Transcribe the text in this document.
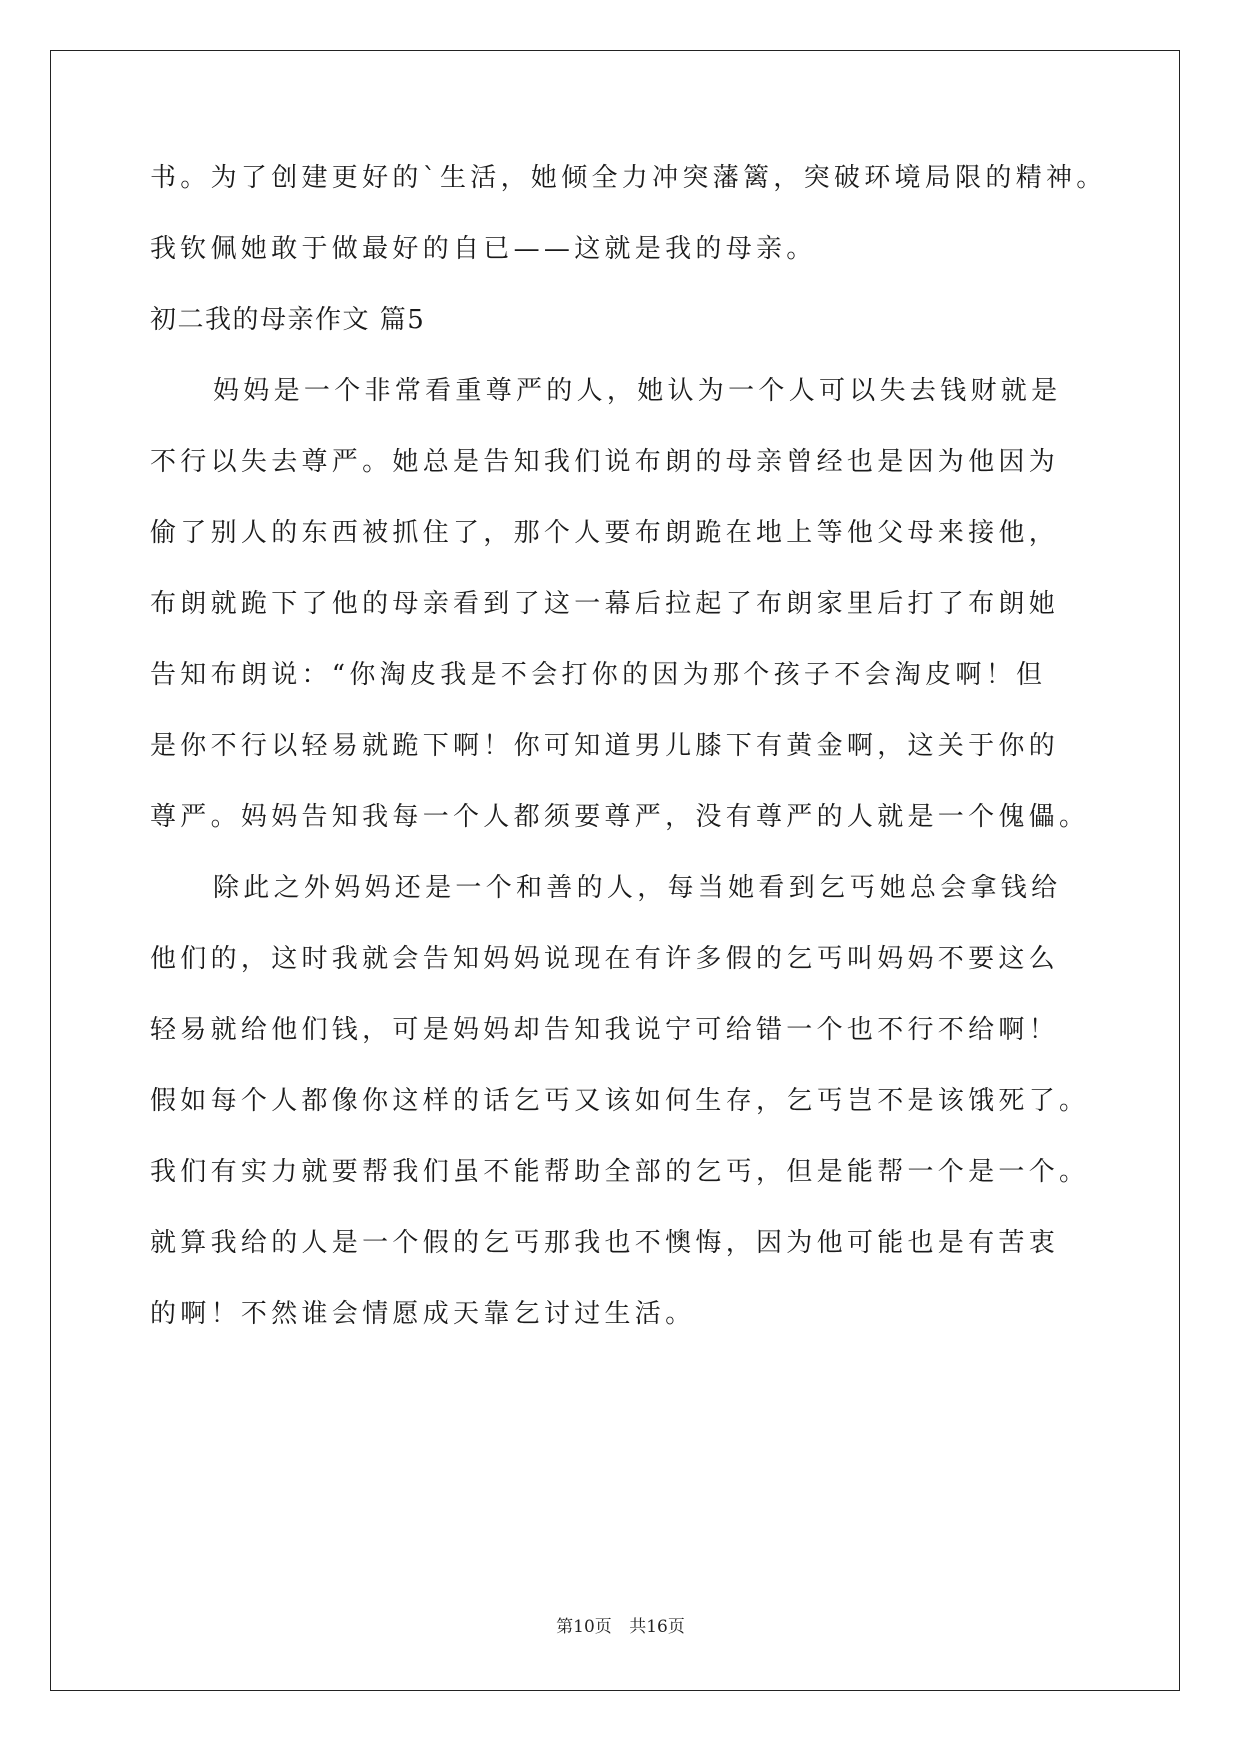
书。为了创建更好的`生活，她倾全力冲突藩篱，突破环境局限的精神。
我钦佩她敢于做最好的自已——这就是我的母亲。
初二我的母亲作文 篇5
妈妈是一个非常看重尊严的人，她认为一个人可以失去钱财就是
不行以失去尊严。她总是告知我们说布朗的母亲曾经也是因为他因为
偷了别人的东西被抓住了，那个人要布朗跪在地上等他父母来接他，
布朗就跪下了他的母亲看到了这一幕后拉起了布朗家里后打了布朗她
告知布朗说：“你淘皮我是不会打你的因为那个孩子不会淘皮啊！但
是你不行以轻易就跪下啊！你可知道男儿膝下有黄金啊，这关于你的
尊严。妈妈告知我每一个人都须要尊严，没有尊严的人就是一个傀儡。
除此之外妈妈还是一个和善的人，每当她看到乞丐她总会拿钱给
他们的，这时我就会告知妈妈说现在有许多假的乞丐叫妈妈不要这么
轻易就给他们钱，可是妈妈却告知我说宁可给错一个也不行不给啊！
假如每个人都像你这样的话乞丐又该如何生存，乞丐岂不是该饿死了。
我们有实力就要帮我们虽不能帮助全部的乞丐，但是能帮一个是一个。
就算我给的人是一个假的乞丐那我也不懊悔，因为他可能也是有苦衷
的啊！不然谁会情愿成天靠乞讨过生活。
第10页 共16页
